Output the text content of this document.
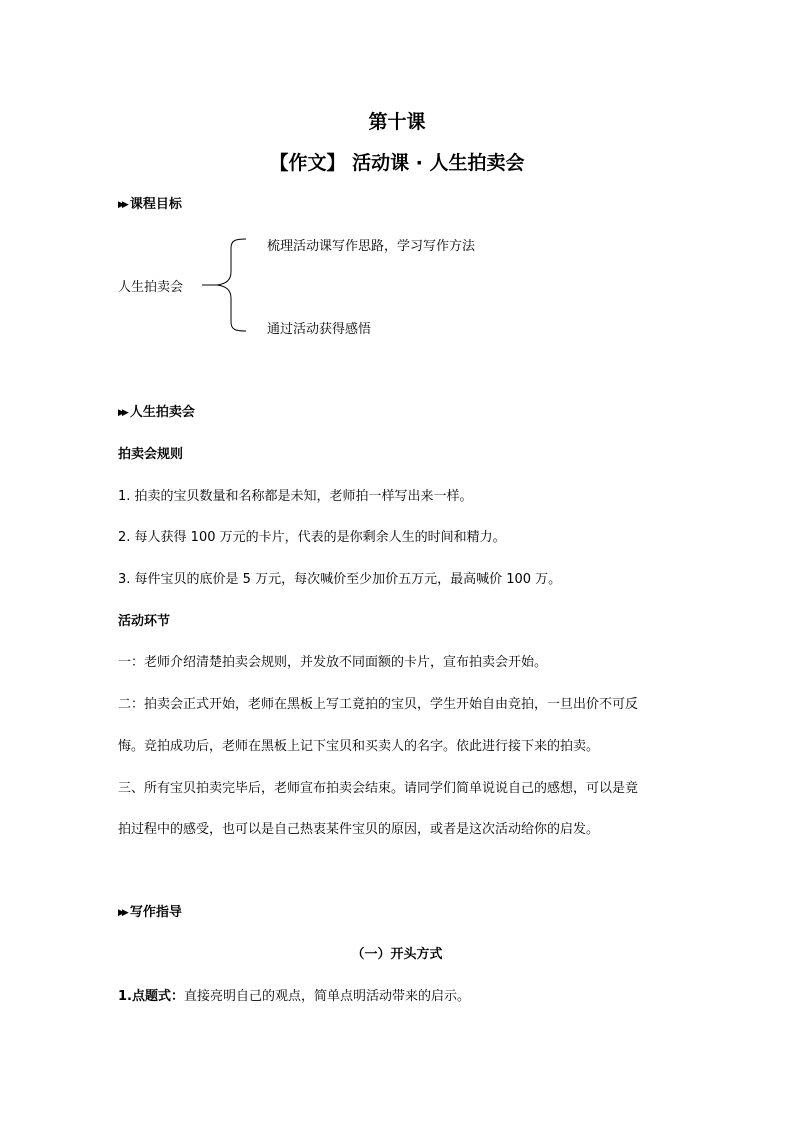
第十课
【作文】 活动课 · 人生拍卖会
▶▶ 课程目标
人生拍卖会
梳理活动课写作思路，学习写作方法
通过活动获得感悟
▶▶ 人生拍卖会
拍卖会规则
1. 拍卖的宝贝数量和名称都是未知，老师拍一样写出来一样。
2. 每人获得 100 万元的卡片，代表的是你剩余人生的时间和精力。
3. 每件宝贝的底价是 5 万元，每次喊价至少加价五万元，最高喊价 100 万。
活动环节
一：老师介绍清楚拍卖会规则，并发放不同面额的卡片，宣布拍卖会开始。
二：拍卖会正式开始，老师在黑板上写工竟拍的宝贝，学生开始自由竞拍，一旦出价不可反
悔。竞拍成功后，老师在黑板上记下宝贝和买卖人的名字。依此进行接下来的拍卖。
三、所有宝贝拍卖完毕后，老师宣布拍卖会结束。请同学们简单说说自己的感想，可以是竟
拍过程中的感受，也可以是自己热衷某件宝贝的原因，或者是这次活动给你的启发。
▶▶ 写作指导
（一）开头方式
1.点题式：直接亮明自己的观点，简单点明活动带来的启示。
